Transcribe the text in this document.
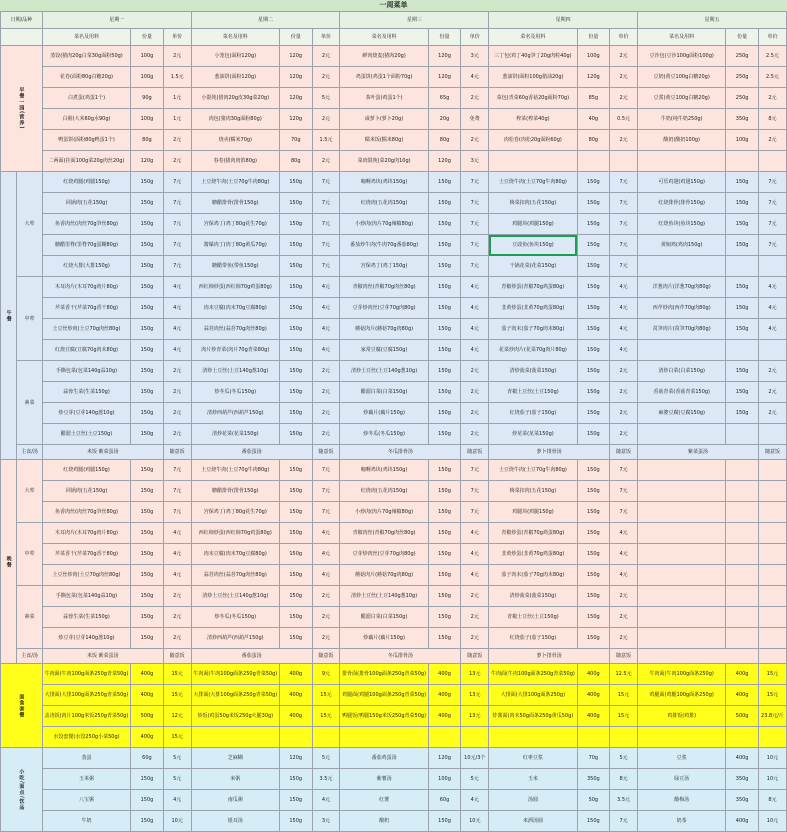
一周菜单
日期/品种		星期一			星期二			星期三			星期四			星期五		
		菜名及用料	份量	单价	菜名及用料	份量	单价	菜名及用料	份量	单价	菜名及用料	份量	单价	菜名及用料	份量	单价
早餐一园(营养)		蒸饺(猪肉20g白菜30g面粉50g)	100g	2元	小笼包(面粉120g)	120g	2元	鲜肉烧麦(猪肉20g)	120g	3元	三丁包(鸡丁40g笋丁20g肉粒40g)	100g	2元	豆沙包(豆沙100g面粉100g)	250g	2.5元
		花卷(面粉80g白糖20g)	100g	1.5元	葱油饼(面粉120g)	120g	2元	鸡蛋饼(鸡蛋1个面粉70g)	120g	4元	葱油饼(面粉100g猪油20g)	120g	2元	豆奶(黄豆100g白糖20g)	250g	2.5元
		白煮蛋(鸡蛋1个)	90g	1元	小馄饨(猪肉20g皮30g菜20g)	120g	5元	茶叶蛋(鸡蛋1个)	65g	2元	菜包(青菜60g香菇20g面粉70g)	85g	2元	豆浆(黄豆100g白糖20g)	250g	2元
		白粥(大米60g水90g)	100g	1元	肉包(猪肉30g面粉80g)	120g	2元	咸萝卜(萝卜20g)	20g	免费	榨菜(榨菜40g)	40g	0.5元	牛奶(纯牛奶250g)	350g	8元
		鸭蛋饼(面粉80g鸭蛋1个)	80g	2元	烧卖(糯米70g)	70g	1.5元	糯米饭(糯米80g)	80g	2元	肉松卷(肉松20g面粉60g)	80g	2元	酸奶(酸奶100g)	100g	2元
		二两面(挂面100g菜20g肉丝20g)	120g	2元	春卷(猪肉肉馅80g)	80g	2元	菜肉馄饨(菜20g肉10g)	120g	3元						
午餐	大荤	红烧鸡腿(鸡腿150g)	150g	7元	土豆烧牛肉(土豆70g牛肉80g)	150g	7元	咖喱鸡块(鸡块150g)	150g	7元	土豆烧牛肉(土豆70g牛肉80g)	150g	7元	可乐鸡翅(鸡翅150g)	150g	7元
		回锅肉(五花150g)	150g	7元	糖醋排骨(排骨150g)	150g	7元	红烧肉(五花肉150g)	150g	7元	梅菜扣肉(五花150g)	150g	7元	红烧排骨(排骨150g)	150g	7元
		鱼香肉丝(肉丝70g笋丝80g)	150g	7元	宫保鸡丁(鸡丁80g花生70g)	150g	7元	小炒肉(肉片70g辣椒80g)	150g	7元	鸡腿块(鸡腿150g)	150g	7元	红烧鱼块(鱼块150g)	150g	7元
		糖醋里脊(里脊70g蛋糊80g)	150g	7元	酱爆肉丁(肉丁80g黄瓜70g)	150g	7元	番茄炒牛肉(牛肉70g番茄80g)	150g	7元	豆豉鱼(鱼块150g)	150g	7元	黄焖鸡(鸡肉150g)	150g	7元
		红烧大排(大排150g)	150g	7元	糖醋带鱼(带鱼150g)	150g	7元	宫保鸡丁(鸡丁150g)	150g	7元	干锅花菜(花菜150g)	150g	7元			
	中荤	木耳肉片(木耳70g肉片80g)	150g	4元	西红柿炒蛋(西红柿70g鸡蛋80g)	150g	4元	青椒肉丝(青椒70g肉丝80g)	150g	4元	青椒炒蛋(青椒70g鸡蛋80g)	150g	4元	洋葱肉片(洋葱70g肉80g)	150g	4元
		芹菜香干(芹菜70g香干80g)	150g	4元	肉末豆腐(肉末70g豆腐80g)	150g	4元	豆芽炒肉丝(豆芽70g肉80g)	150g	4元	韭黄炒蛋(韭黄70g鸡蛋80g)	150g	4元	西芹炒肉(西芹70g肉80g)	150g	4元
		土豆丝炒肉(土豆70g肉丝80g)	150g	4元	蒜苔肉丝(蒜苔70g肉丝80g)	150g	4元	蘑菇肉片(蘑菇70g肉80g)	150g	4元	茄子肉末(茄子70g肉末80g)	150g	4元	莴笋肉片(莴笋70g肉80g)	150g	4元
		红烧豆腐(豆腐70g肉末80g)	150g	4元	肉片炒青菜(肉片70g青菜80g)	150g	4元	家常豆腐(豆腐150g)	150g	4元	花菜炒肉片(花菜70g肉片80g)	150g	4元			
	素菜	手撕包菜(包菜140g蒜10g)	150g	2元	清炒土豆丝(土豆140g葱10g)	150g	2元	清炒土豆丝(土豆140g葱10g)	150g	2元	清炒菠菜(菠菜150g)	150g	2元	清炒白菜(白菜150g)	150g	2元
		蒜蓉生菜(生菜150g)	150g	2元	炒冬瓜(冬瓜150g)	150g	2元	醋溜白菜(白菜150g)	150g	2元	青椒土豆丝(土豆150g)	150g	2元	香菇青菜(香菇青菜150g)	150g	2元
		炒豆芽(豆芽140g葱10g)	150g	2元	清炒西葫芦(西葫芦150g)	150g	2元	炒藕片(藕片150g)	150g	2元	红烧茄子(茄子150g)	150g	2元	麻婆豆腐(豆腐150g)	150g	2元
		醋溜土豆丝(土豆150g)	150g	2元	清炒花菜(花菜150g)	150g	2元	炒冬瓜(冬瓜150g)	150g	2元	炒苋菜(苋菜150g)	150g	2元			
	主食/汤	米饭 紫菜蛋汤		随意饭	番茄蛋汤		随意饭	冬瓜排骨汤		随意饭	萝卜排骨汤		随意饭	紫菜蛋汤		随意饭
晚餐	大荤	红烧鸡腿(鸡腿150g)	150g	7元	土豆烧牛肉(土豆70g牛肉80g)	150g	7元	咖喱鸡块(鸡块150g)	150g	7元	土豆烧牛肉(土豆70g牛肉80g)	150g	7元			
		回锅肉(五花150g)	150g	7元	糖醋排骨(排骨150g)	150g	7元	红烧肉(五花肉150g)	150g	7元	梅菜扣肉(五花150g)	150g	7元			
		鱼香肉丝(肉丝70g笋丝80g)	150g	7元	宫保鸡丁(鸡丁80g花生70g)	150g	7元	小炒肉(肉片70g辣椒80g)	150g	7元	鸡腿块(鸡腿150g)	150g	7元			
	中荤	木耳肉片(木耳70g肉片80g)	150g	4元	西红柿炒蛋(西红柿70g鸡蛋80g)	150g	4元	青椒肉丝(青椒70g肉丝80g)	150g	4元	青椒炒蛋(青椒70g鸡蛋80g)	150g	4元			
		芹菜香干(芹菜70g香干80g)	150g	4元	肉末豆腐(肉末70g豆腐80g)	150g	4元	豆芽炒肉丝(豆芽70g肉80g)	150g	4元	韭黄炒蛋(韭黄70g鸡蛋80g)	150g	4元			
		土豆丝炒肉(土豆70g肉丝80g)	150g	4元	蒜苔肉丝(蒜苔70g肉丝80g)	150g	4元	蘑菇肉片(蘑菇70g肉80g)	150g	4元	茄子肉末(茄子70g肉末80g)	150g	4元			
	素菜	手撕包菜(包菜140g蒜10g)	150g	2元	清炒土豆丝(土豆140g葱10g)	150g	2元	清炒土豆丝(土豆140g葱10g)	150g	2元	清炒菠菜(菠菜150g)	150g	2元			
		蒜蓉生菜(生菜150g)	150g	2元	炒冬瓜(冬瓜150g)	150g	2元	醋溜白菜(白菜150g)	150g	2元	青椒土豆丝(土豆150g)	150g	2元			
		炒豆芽(豆芽140g葱10g)	150g	2元	清炒西葫芦(西葫芦150g)	150g	2元	炒藕片(藕片150g)	150g	2元	红烧茄子(茄子150g)	150g	2元			
	主食/汤	米饭 紫菜蛋汤		随意饭	番茄蛋汤		随意饭	冬瓜排骨汤		随意饭	萝卜排骨汤		随意饭			
面食套餐		牛肉面(牛肉100g面条250g青菜50g)	400g	15元	牛肉面(牛肉100g面条250g青菜50g)	400g	9元	排骨面(排骨100g面条250g青菜50g)	400g	13元	牛肉面(牛肉100g面条250g青菜50g)	400g	12.5元	牛肉面(牛肉100g面条250g)	400g	15元
		大排面(大排100g面条250g青菜50g)	400g	15元	大排面(大排100g面条250g青菜50g)	400g	15元	鸡腿面(鸡腿100g面条250g青菜50g)	400g	13元	大排面(大排100g面条250g)	400g	15元	鸡腿面(鸡腿100g面条250g)	400g	15元
		盖浇饭(肉片100g米饭250g青菜50g)	500g	12元	炒饭(鸡蛋50g米饭250g火腿30g)	400g	15元	鸭腿饭(鸭腿150g米饭250g青菜50g)	400g	13元	炸酱面(肉末50g面条250g黄瓜50g)	400g	15元	鸡排饭(鸡排)	500g	23.8元/斤
		水饺套餐(水饺250g小菜50g)	400g	15元												
小吃/面点/饮品		蒸蛋	60g	5元	芝麻糊	120g	5元	番茄鸡蛋汤	120g	10元/3个	红枣豆浆	70g	5元	豆浆	400g	10元
		玉米粥	150g	5元	米粥	150g	3.5元	紫薯汤	100g	5元	玉米	350g	8元	绿豆汤	350g	10元
		八宝粥	150g	4元	南瓜粥	150g	4元	红薯	60g	4元	汤圆	50g	3.5元	酸梅汤	350g	8元
		牛奶	150g	10元	银耳汤	150g	3元	酸奶	150g	10元	米酒汤圆	150g	7元	奶茶	400g	10元
